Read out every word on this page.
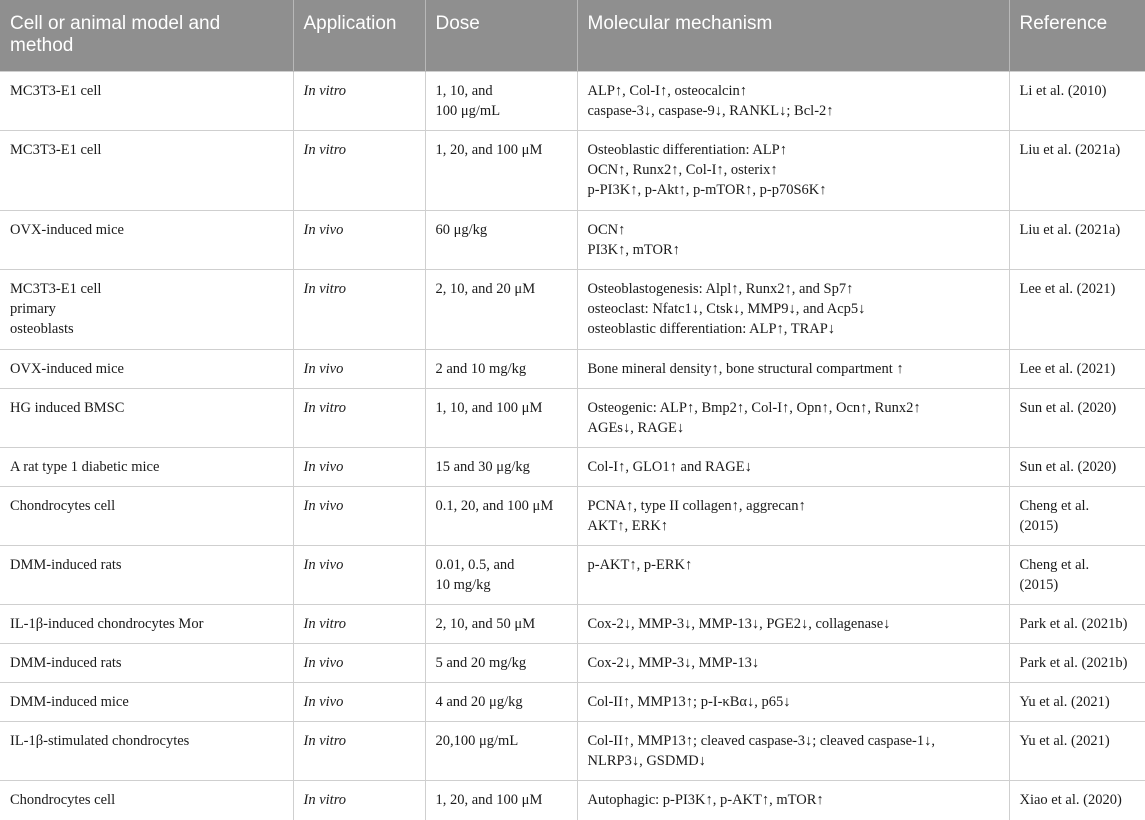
Cell or animal model and method	Application	Dose	Molecular mechanism	Reference

MC3T3-E1 cell	In vitro	1, 10, and
100 μg/mL	ALP↑, Col-I↑, osteocalcin↑
caspase-3↓, caspase-9↓, RANKL↓; Bcl-2↑	Li et al. (2010)

MC3T3-E1 cell	In vitro	1, 20, and 100 μM	Osteoblastic differentiation: ALP↑
OCN↑, Runx2↑, Col-I↑, osterix↑
p-PI3K↑, p-Akt↑, p-mTOR↑, p-p70S6K↑	Liu et al. (2021a)

OVX-induced mice	In vivo	60 μg/kg	OCN↑
PI3K↑, mTOR↑	Liu et al. (2021a)

MC3T3-E1 cell
primary
osteoblasts	In vitro	2, 10, and 20 μM	Osteoblastogenesis: Alpl↑, Runx2↑, and Sp7↑
osteoclast: Nfatc1↓, Ctsk↓, MMP9↓, and Acp5↓
osteoblastic differentiation: ALP↑, TRAP↓	Lee et al. (2021)

OVX-induced mice	In vivo	2 and 10 mg/kg	Bone mineral density↑, bone structural compartment ↑	Lee et al. (2021)

HG induced BMSC	In vitro	1, 10, and 100 μM	Osteogenic: ALP↑, Bmp2↑, Col-I↑, Opn↑, Ocn↑, Runx2↑
AGEs↓, RAGE↓	Sun et al. (2020)

A rat type 1 diabetic mice	In vivo	15 and 30 μg/kg	Col-I↑, GLO1↑ and RAGE↓	Sun et al. (2020)

Chondrocytes cell	In vivo	0.1, 20, and 100 μM	PCNA↑, type II collagen↑, aggrecan↑
AKT↑, ERK↑	Cheng et al.
(2015)

DMM-induced rats	In vivo	0.01, 0.5, and
10 mg/kg	p-AKT↑, p-ERK↑	Cheng et al.
(2015)

IL-1β-induced chondrocytes Mor	In vitro	2, 10, and 50 μM	Cox-2↓, MMP-3↓, MMP-13↓, PGE2↓, collagenase↓	Park et al. (2021b)

DMM-induced rats	In vivo	5 and 20 mg/kg	Cox-2↓, MMP-3↓, MMP-13↓	Park et al. (2021b)

DMM-induced mice	In vivo	4 and 20 μg/kg	Col-II↑, MMP13↑; p-I-κBα↓, p65↓	Yu et al. (2021)

IL-1β-stimulated chondrocytes	In vitro	20,100 μg/mL	Col-II↑, MMP13↑; cleaved caspase-3↓; cleaved caspase-1↓,
NLRP3↓, GSDMD↓	Yu et al. (2021)

Chondrocytes cell	In vitro	1, 20, and 100 μM	Autophagic: p-PI3K↑, p-AKT↑, mTOR↑	Xiao et al. (2020)
